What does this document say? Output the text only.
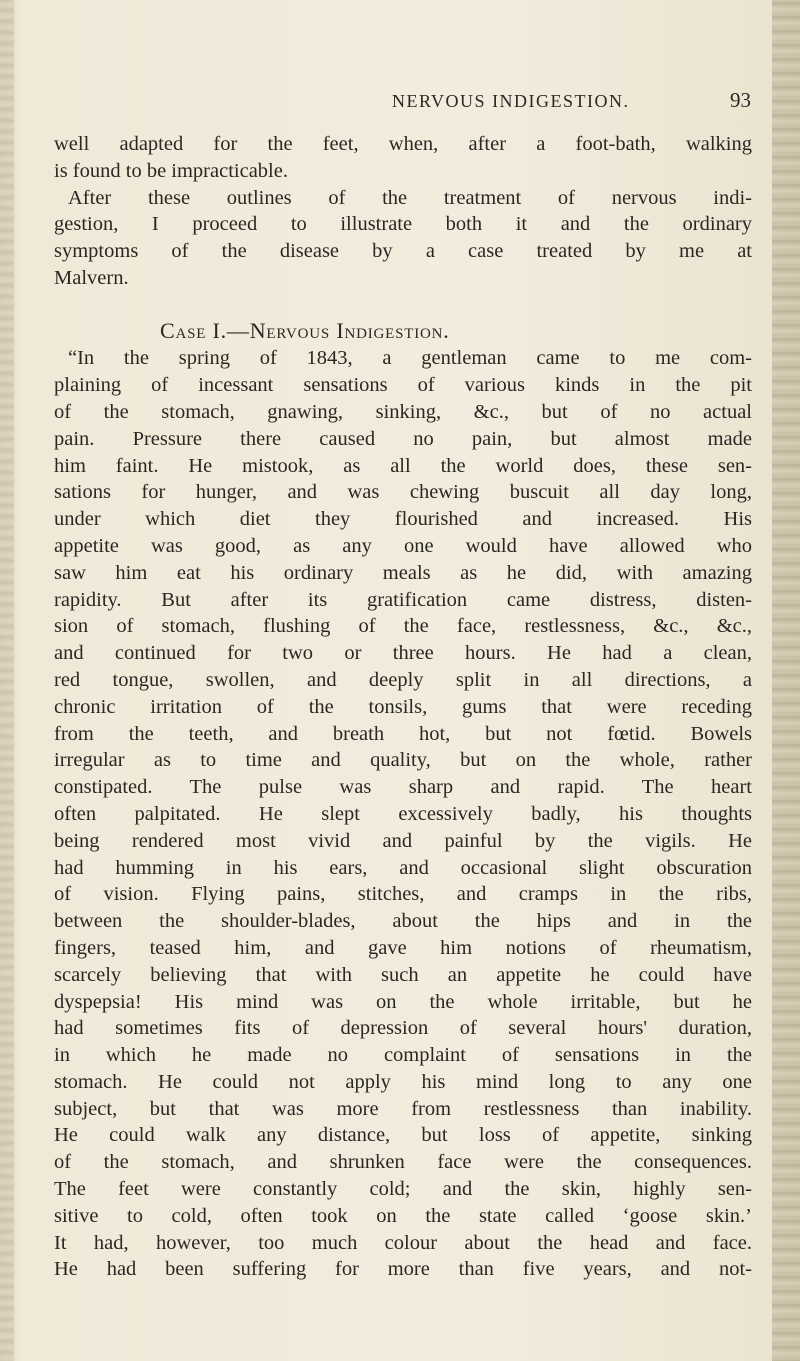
NERVOUS INDIGESTION.	93
well adapted for the feet, when, after a foot-bath, walking
is found to be impracticable.
After these outlines of the treatment of nervous indi-
gestion, I proceed to illustrate both it and the ordinary
symptoms of the disease by a case treated by me at
Malvern.
Case I.—Nervous Indigestion.
“In the spring of 1843, a gentleman came to me com-
plaining of incessant sensations of various kinds in the pit
of the stomach, gnawing, sinking, &c., but of no actual
pain. Pressure there caused no pain, but almost made
him faint. He mistook, as all the world does, these sen-
sations for hunger, and was chewing buscuit all day long,
under which diet they flourished and increased. His
appetite was good, as any one would have allowed who
saw him eat his ordinary meals as he did, with amazing
rapidity. But after its gratification came distress, disten-
sion of stomach, flushing of the face, restlessness, &c., &c.,
and continued for two or three hours. He had a clean,
red tongue, swollen, and deeply split in all directions, a
chronic irritation of the tonsils, gums that were receding
from the teeth, and breath hot, but not fœtid. Bowels
irregular as to time and quality, but on the whole, rather
constipated. The pulse was sharp and rapid. The heart
often palpitated. He slept excessively badly, his thoughts
being rendered most vivid and painful by the vigils. He
had humming in his ears, and occasional slight obscuration
of vision. Flying pains, stitches, and cramps in the ribs,
between the shoulder-blades, about the hips and in the
fingers, teased him, and gave him notions of rheumatism,
scarcely believing that with such an appetite he could have
dyspepsia! His mind was on the whole irritable, but he
had sometimes fits of depression of several hours' duration,
in which he made no complaint of sensations in the
stomach. He could not apply his mind long to any one
subject, but that was more from restlessness than inability.
He could walk any distance, but loss of appetite, sinking
of the stomach, and shrunken face were the consequences.
The feet were constantly cold; and the skin, highly sen-
sitive to cold, often took on the state called ‘goose skin.’
It had, however, too much colour about the head and face.
He had been suffering for more than five years, and not-
